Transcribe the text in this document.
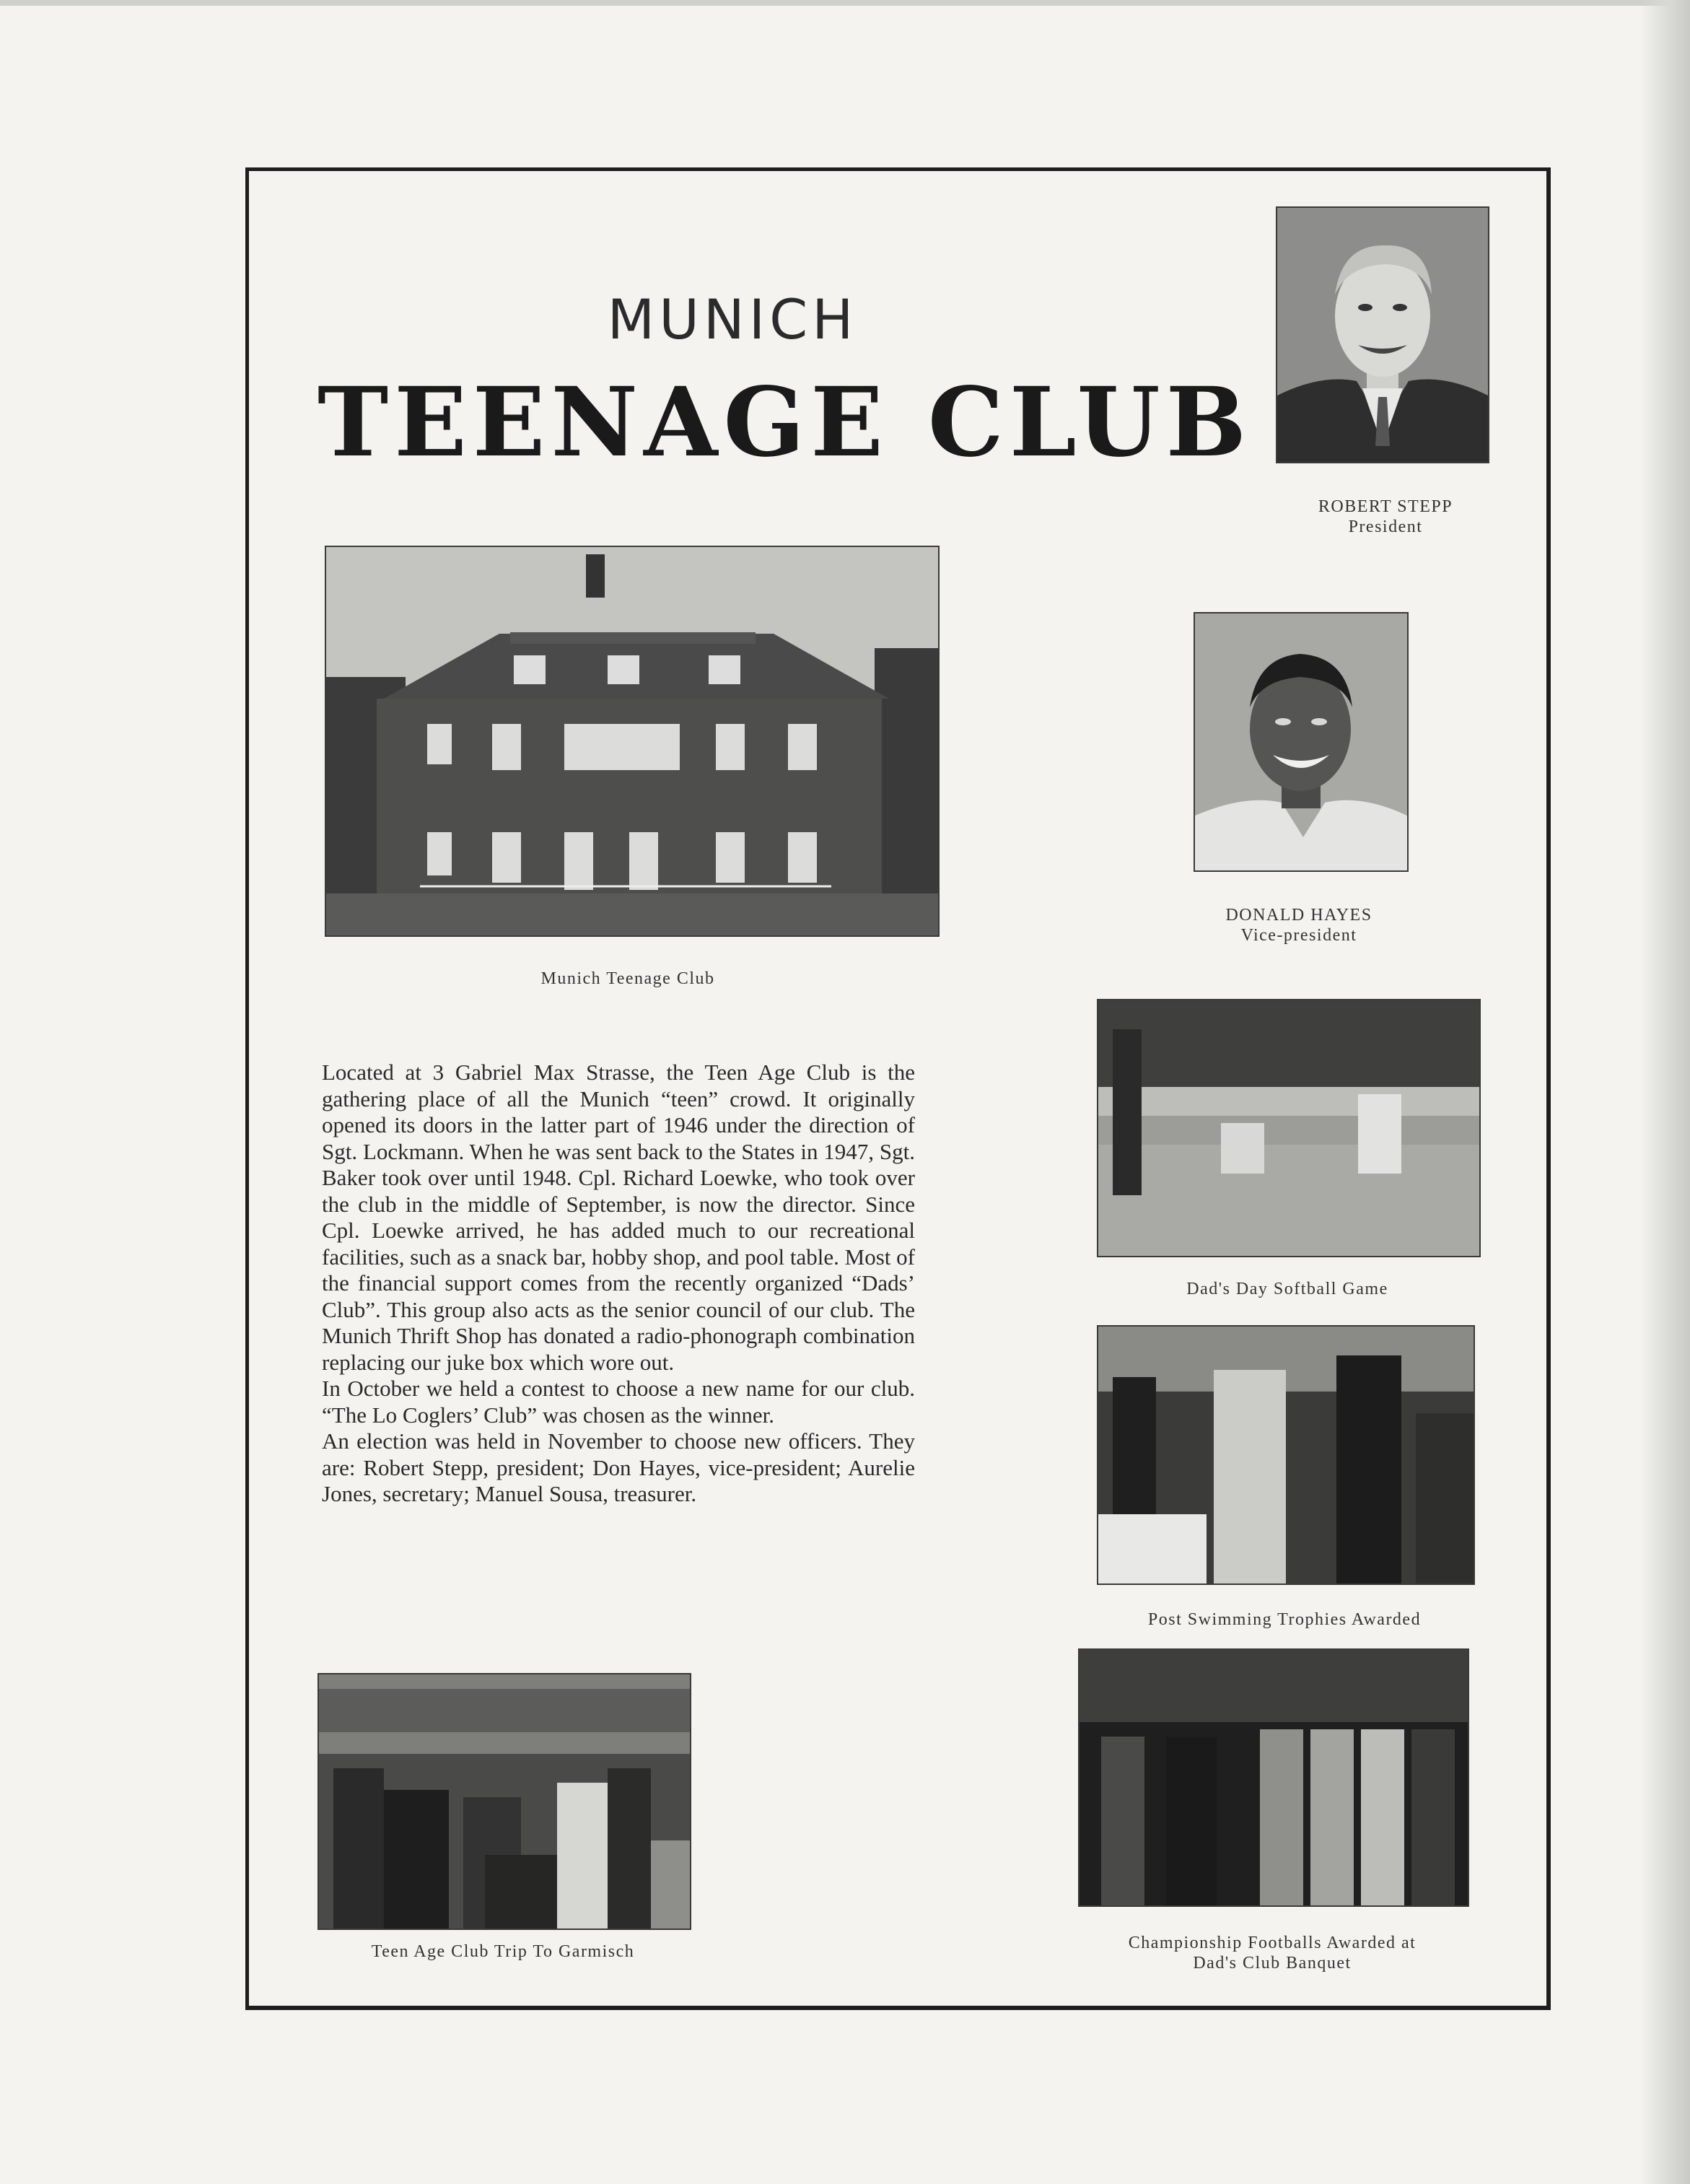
MUNICH
TEENAGE CLUB
ROBERT STEPP
President
Munich Teenage Club
DONALD HAYES
Vice-president
Dad's Day Softball Game
Post Swimming Trophies Awarded

Located at 3 Gabriel Max Strasse, the Teen Age Club is the gathering place of all the Munich “teen” crowd. It originally opened its doors in the latter part of 1946 under the direction of Sgt. Lockmann. When he was sent back to the States in 1947, Sgt. Baker took over until 1948. Cpl. Richard Loewke, who took over the club in the middle of September, is now the director. Since Cpl. Loewke arrived, he has added much to our recreational facilities, such as a snack bar, hobby shop, and pool table. Most of the financial support comes from the recently organized “Dads’ Club”. This group also acts as the senior council of our club. The Munich Thrift Shop has donated a radio-phonograph combination replacing our juke box which wore out.

In October we held a contest to choose a new name for our club. “The Lo Coglers’ Club” was chosen as the winner.

An election was held in November to choose new officers. They are: Robert Stepp, president; Don Hayes, vice-president; Aurelie Jones, secretary; Manuel Sousa, treasurer.

Teen Age Club Trip To Garmisch	Championship Footballs Awarded at
Dad's Club Banquet
